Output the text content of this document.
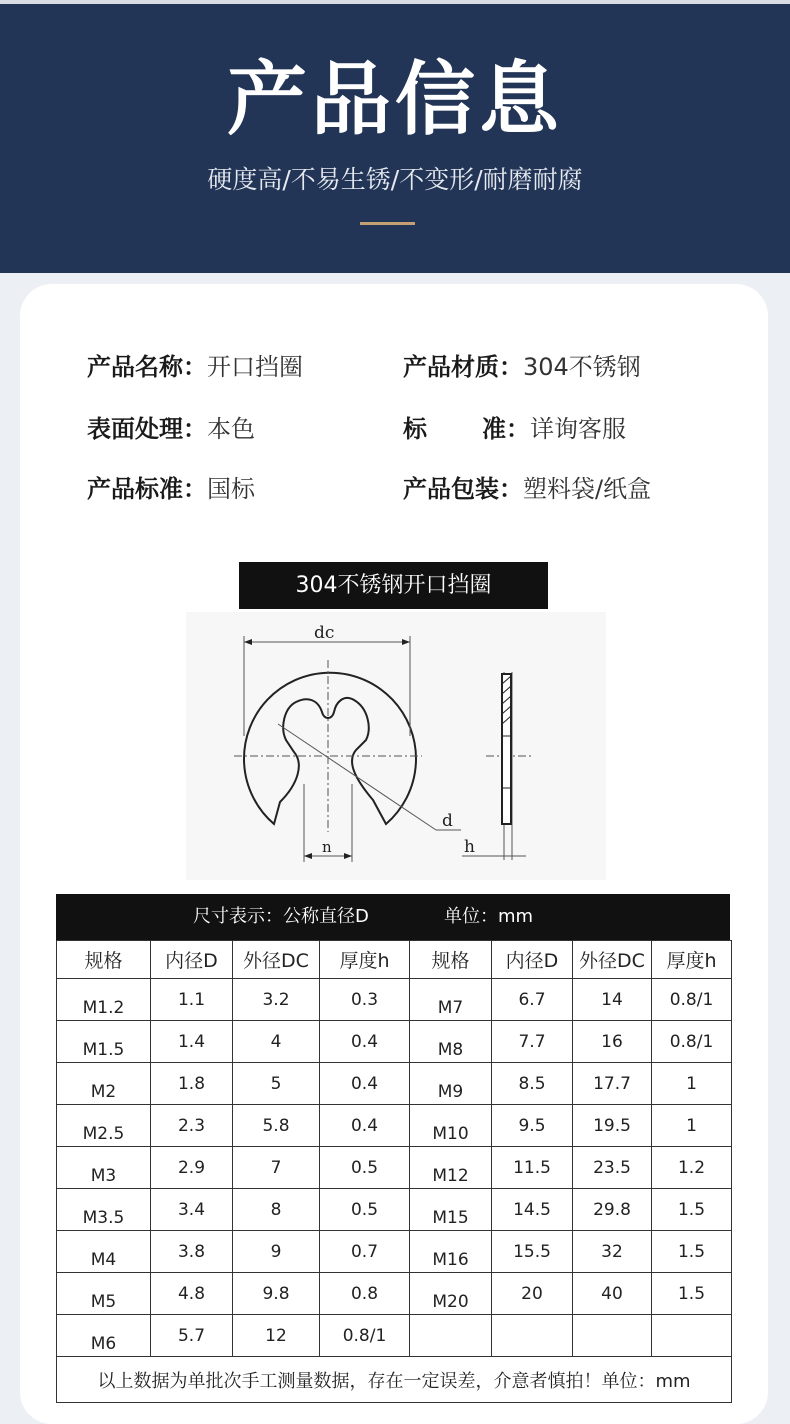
产品信息
硬度高/不易生锈/不变形/耐磨耐腐
产品名称：开口挡圈	产品材质：304不锈钢
表面处理：本色	标 准：详询客服
产品标准：国标	产品包装：塑料袋/纸盒
304不锈钢开口挡圈
dc
d
n	h
尺寸表示：公称直径D	单位：mm
规格	内径D	外径DC	厚度h	规格	内径D	外径DC	厚度h
M1.2	1.1	3.2	0.3	M7	6.7	14	0.8/1
M1.5	1.4	4	0.4	M8	7.7	16	0.8/1
M2	1.8	5	0.4	M9	8.5	17.7	1
M2.5	2.3	5.8	0.4	M10	9.5	19.5	1
M3	2.9	7	0.5	M12	11.5	23.5	1.2
M3.5	3.4	8	0.5	M15	14.5	29.8	1.5
M4	3.8	9	0.7	M16	15.5	32	1.5
M5	4.8	9.8	0.8	M20	20	40	1.5
M6	5.7	12	0.8/1				
以上数据为单批次手工测量数据，存在一定误差，介意者慎拍！单位：mm							
